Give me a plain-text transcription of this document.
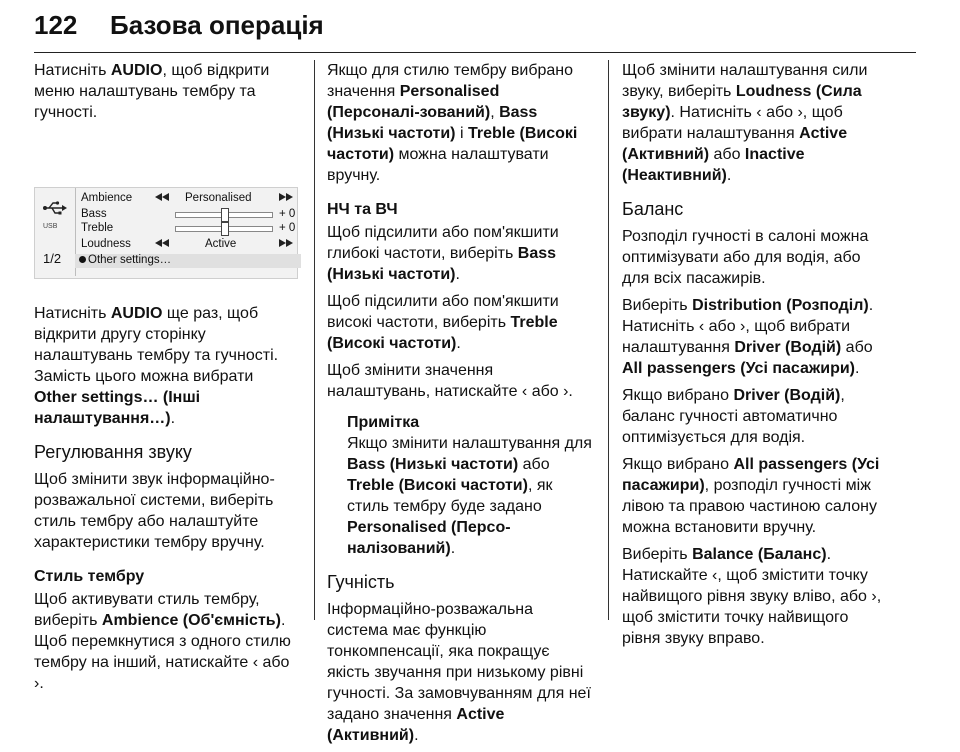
122 Базова операція

Натисніть AUDIO, щоб відкрити меню налаштувань тембру та гучності.

USB
1/2
Ambience	Personalised
Bass	+ 0
Treble	+ 0
Loudness	Active
Other settings…

Натисніть AUDIO ще раз, щоб відкрити другу сторінку налаштувань тембру та гучності. Замість цього можна вибрати Other settings… (Інші налаштування…).

Регулювання звуку

Щоб змінити звук інформаційно-розважальної системи, виберіть стиль тембру або налаштуйте характеристики тембру вручну.

Стиль тембру

Щоб активувати стиль тембру, виберіть Ambience (Об'ємність). Щоб перемкнутися з одного стилю тембру на інший, натискайте ‹ або ›.

Якщо для стилю тембру вибрано значення Personalised (Персоналі-зований), Bass (Низькі частоти) і Treble (Високі частоти) можна налаштувати вручну.

НЧ та ВЧ

Щоб підсилити або пом'якшити глибокі частоти, виберіть Bass (Низькі частоти).

Щоб підсилити або пом'якшити високі частоти, виберіть Treble (Високі частоти).

Щоб змінити значення налаштувань, натискайте ‹ або ›.

Примітка
Якщо змінити налаштування для Bass (Низькі частоти) або Treble (Високі частоти), як стиль тембру буде задано Personalised (Персо-налізований).
Гучність

Інформаційно-розважальна система має функцію тонкомпенсації, яка покращує якість звучання при низькому рівні гучності. За замовчуванням для неї задано значення Active (Активний).

Щоб змінити налаштування сили звуку, виберіть Loudness (Сила звуку). Натисніть ‹ або ›, щоб вибрати налаштування Active (Активний) або Inactive (Неактивний).

Баланс

Розподіл гучності в салоні можна оптимізувати або для водія, або для всіх пасажирів.

Виберіть Distribution (Розподіл). Натисніть ‹ або ›, щоб вибрати налаштування Driver (Водій) або All passengers (Усі пасажири).

Якщо вибрано Driver (Водій), баланс гучності автоматично оптимізується для водія.

Якщо вибрано All passengers (Усі пасажири), розподіл гучності між лівою та правою частиною салону можна встановити вручну.

Виберіть Balance (Баланс). Натискайте ‹, щоб змістити точку найвищого рівня звуку вліво, або ›, щоб змістити точку найвищого рівня звуку вправо.
